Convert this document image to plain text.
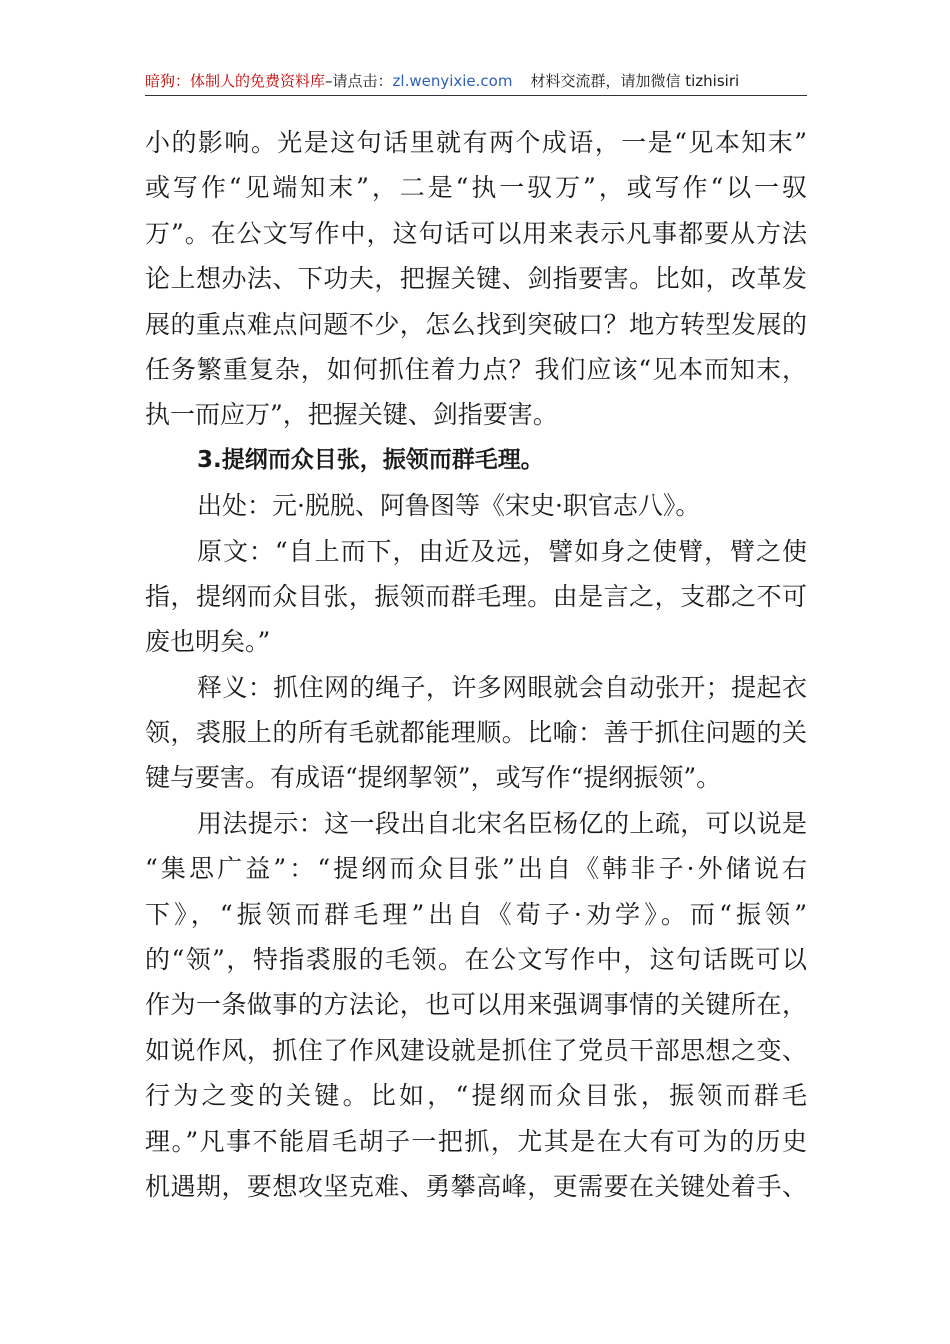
暗狗：体制人的免费资料库–请点击：zl.wenyixie.com 材料交流群，请加微信 tizhisiri
小的影响。光是这句话里就有两个成语，一是“见本知末”
或写作“见端知末”，二是“执一驭万”，或写作“以一驭
万”。在公文写作中，这句话可以用来表示凡事都要从方法
论上想办法、下功夫，把握关键、剑指要害。比如，改革发
展的重点难点问题不少，怎么找到突破口？地方转型发展的
任务繁重复杂，如何抓住着力点？我们应该“见本而知末，
执一而应万”，把握关键、剑指要害。
3.提纲而众目张，振领而群毛理。
出处：元·脱脱、阿鲁图等《宋史·职官志八》。
原文：“自上而下，由近及远，譬如身之使臂，臂之使
指，提纲而众目张，振领而群毛理。由是言之，支郡之不可
废也明矣。”
释义：抓住网的绳子，许多网眼就会自动张开；提起衣
领，裘服上的所有毛就都能理顺。比喻：善于抓住问题的关
键与要害。有成语“提纲挈领”，或写作“提纲振领”。
用法提示：这一段出自北宋名臣杨亿的上疏，可以说是
“集思广益”：“提纲而众目张”出自《韩非子·外储说右
下》，“振领而群毛理”出自《荀子·劝学》。而“振领”
的“领”，特指裘服的毛领。在公文写作中，这句话既可以
作为一条做事的方法论，也可以用来强调事情的关键所在，
如说作风，抓住了作风建设就是抓住了党员干部思想之变、
行为之变的关键。比如，“提纲而众目张，振领而群毛
理。”凡事不能眉毛胡子一把抓，尤其是在大有可为的历史
机遇期，要想攻坚克难、勇攀高峰，更需要在关键处着手、
